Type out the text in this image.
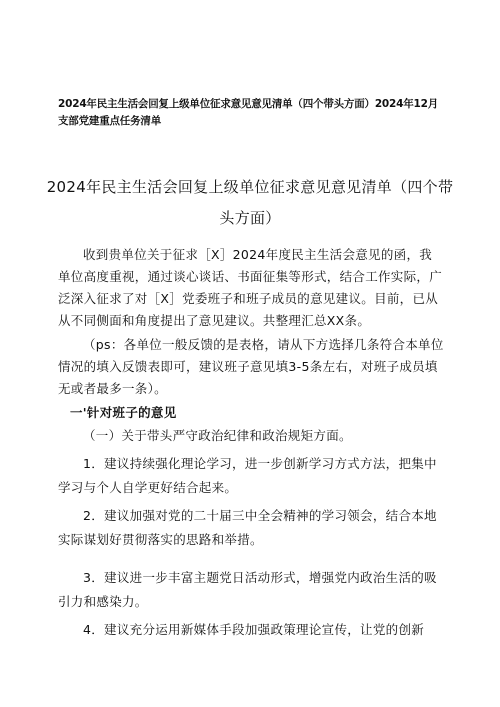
2024年民主生活会回复上级单位征求意见意见清单（四个带头方面）2024年12月支部党建重点任务清单
2024年民主生活会回复上级单位征求意见意见清单（四个带头方面）

收到贵单位关于征求［X］2024年度民主生活会意见的函，我单位高度重视，通过谈心谈话、书面征集等形式，结合工作实际，广泛深入征求了对［X］党委班子和班子成员的意见建议。目前，已从从不同侧面和角度提出了意见建议。共整理汇总XX条。

（ps：各单位一般反馈的是表格，请从下方选择几条符合本单位情况的填入反馈表即可，建议班子意见填3-5条左右，对班子成员填无或者最多一条）。

一'针对班子的意见

（一）关于带头严守政治纪律和政治规矩方面。

1．建议持续强化理论学习，进一步创新学习方式方法，把集中学习与个人自学更好结合起来。

2．建议加强对党的二十届三中全会精神的学习领会，结合本地实际谋划好贯彻落实的思路和举措。

3．建议进一步丰富主题党日活动形式，增强党内政治生活的吸引力和感染力。

4．建议充分运用新媒体手段加强政策理论宣传，让党的创新
